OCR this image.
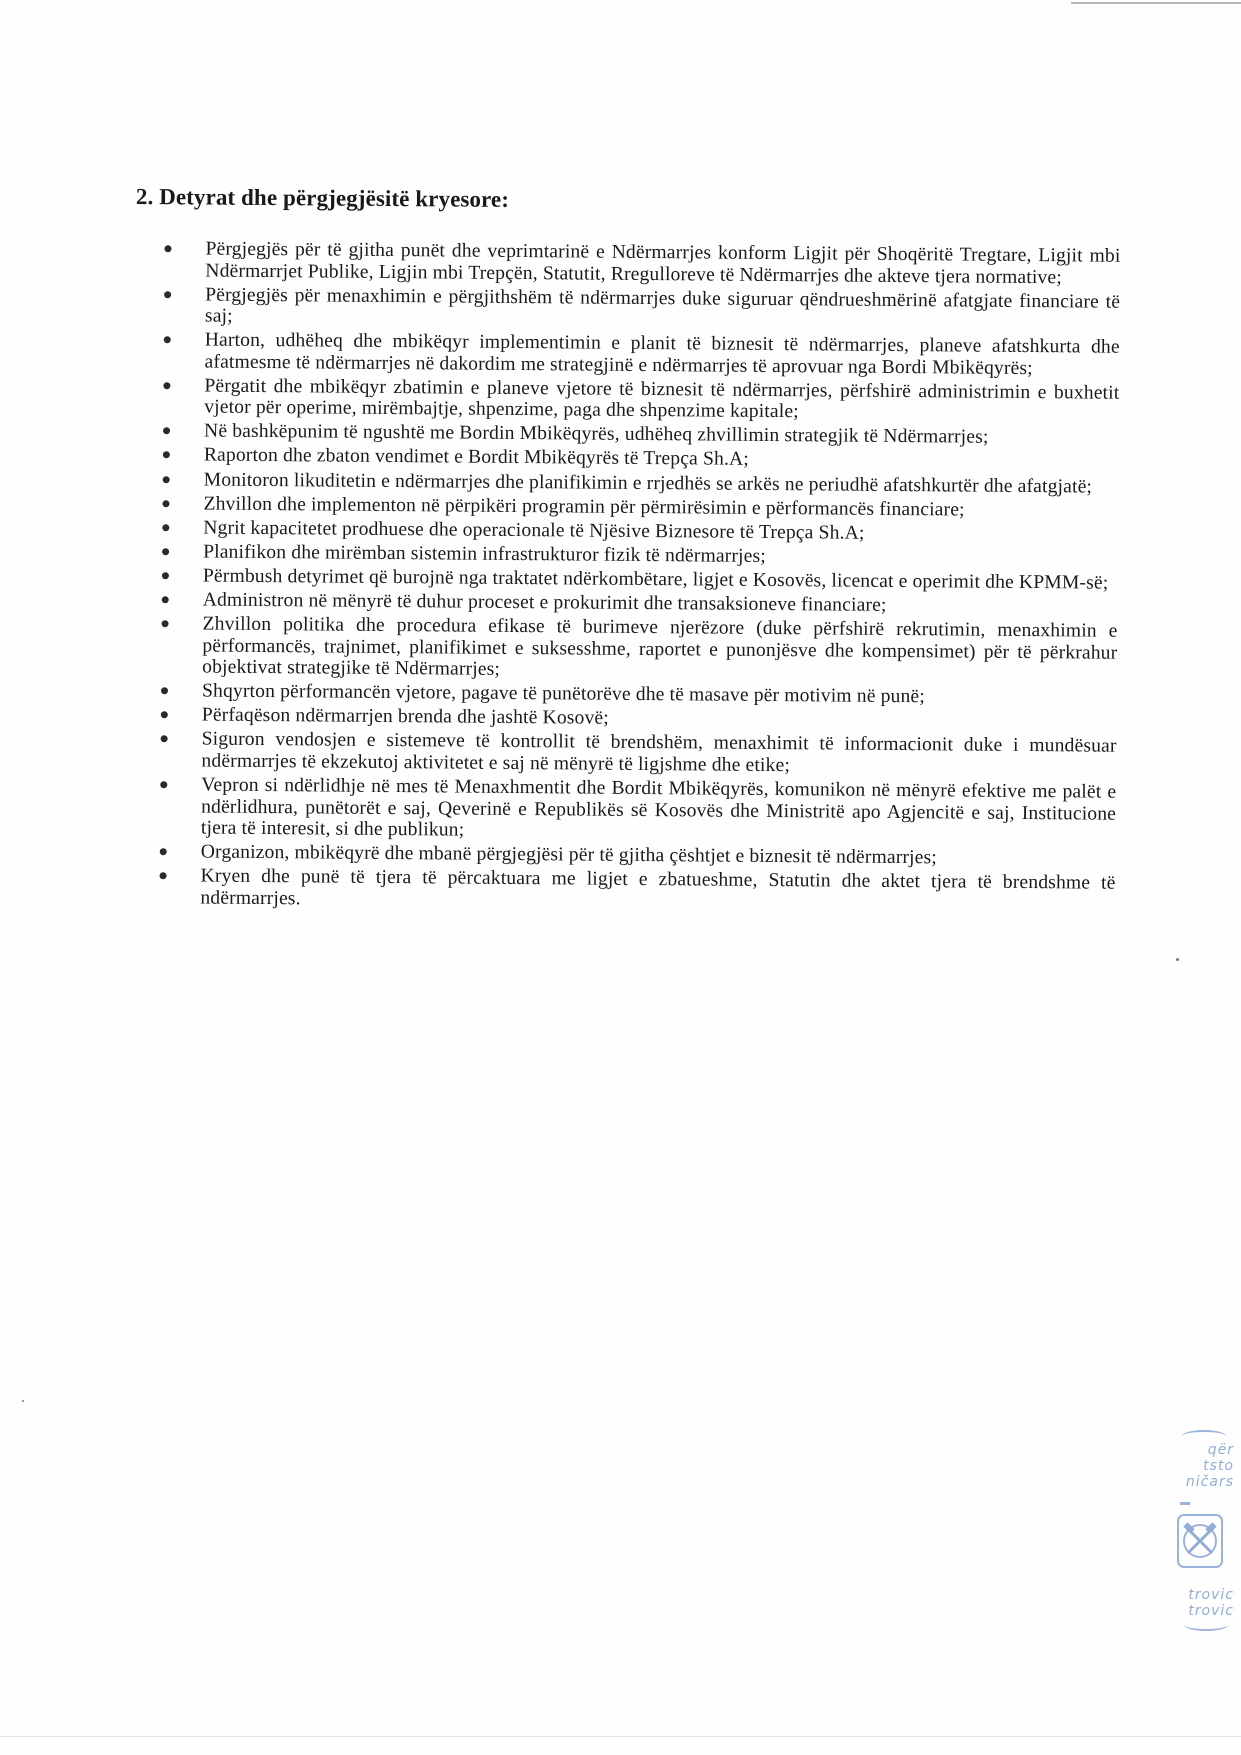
2. Detyrat dhe përgjegjësitë kryesore:
Përgjegjës për të gjitha punët dhe veprimtarinë e Ndërmarrjes konform Ligjit për Shoqëritë Tregtare, Ligjit mbi Ndërmarrjet Publike, Ligjin mbi Trepçën, Statutit, Rregulloreve të Ndërmarrjes dhe akteve tjera normative;
Përgjegjës për menaxhimin e përgjithshëm të ndërmarrjes duke siguruar qëndrueshmërinë afatgjate financiare të saj;
Harton, udhëheq dhe mbikëqyr implementimin e planit të biznesit të ndërmarrjes, planeve afatshkurta dhe afatmesme të ndërmarrjes në dakordim me strategjinë e ndërmarrjes të aprovuar nga Bordi Mbikëqyrës;
Përgatit dhe mbikëqyr zbatimin e planeve vjetore të biznesit të ndërmarrjes, përfshirë administrimin e buxhetit vjetor për operime, mirëmbajtje, shpenzime, paga dhe shpenzime kapitale;
Në bashkëpunim të ngushtë me Bordin Mbikëqyrës, udhëheq zhvillimin strategjik të Ndërmarrjes;
Raporton dhe zbaton vendimet e Bordit Mbikëqyrës të Trepça Sh.A;
Monitoron likuditetin e ndërmarrjes dhe planifikimin e rrjedhës se arkës ne periudhë afatshkurtër dhe afatgjatë;
Zhvillon dhe implementon në përpikëri programin për përmirësimin e përformancës financiare;
Ngrit kapacitetet prodhuese dhe operacionale të Njësive Biznesore të Trepça Sh.A;
Planifikon dhe mirëmban sistemin infrastrukturor fizik të ndërmarrjes;
Përmbush detyrimet që burojnë nga traktatet ndërkombëtare, ligjet e Kosovës, licencat e operimit dhe KPMM-së;
Administron në mënyrë të duhur proceset e prokurimit dhe transaksioneve financiare;
Zhvillon politika dhe procedura efikase të burimeve njerëzore (duke përfshirë rekrutimin, menaxhimin e përformancës, trajnimet, planifikimet e suksesshme, raportet e punonjësve dhe kompensimet) për të përkrahur objektivat strategjike të Ndërmarrjes;
Shqyrton përformancën vjetore, pagave të punëtorëve dhe të masave për motivim në punë;
Përfaqëson ndërmarrjen brenda dhe jashtë Kosovë;
Siguron vendosjen e sistemeve të kontrollit të brendshëm, menaxhimit të informacionit duke i mundësuar ndërmarrjes të ekzekutoj aktivitetet e saj në mënyrë të ligjshme dhe etike;
Vepron si ndërlidhje në mes të Menaxhmentit dhe Bordit Mbikëqyrës, komunikon në mënyrë efektive me palët e ndërlidhura, punëtorët e saj, Qeverinë e Republikës së Kosovës dhe Ministritë apo Agjencitë e saj, Institucione tjera të interesit, si dhe publikun;
Organizon, mbikëqyrë dhe mbanë përgjegjësi për të gjitha çështjet e biznesit të ndërmarrjes;
Kryen dhe punë të tjera të përcaktuara me ligjet e zbatueshme, Statutin dhe aktet tjera të brendshme të ndërmarrjes.
qër
tsto
ničars
trovic
trovic
